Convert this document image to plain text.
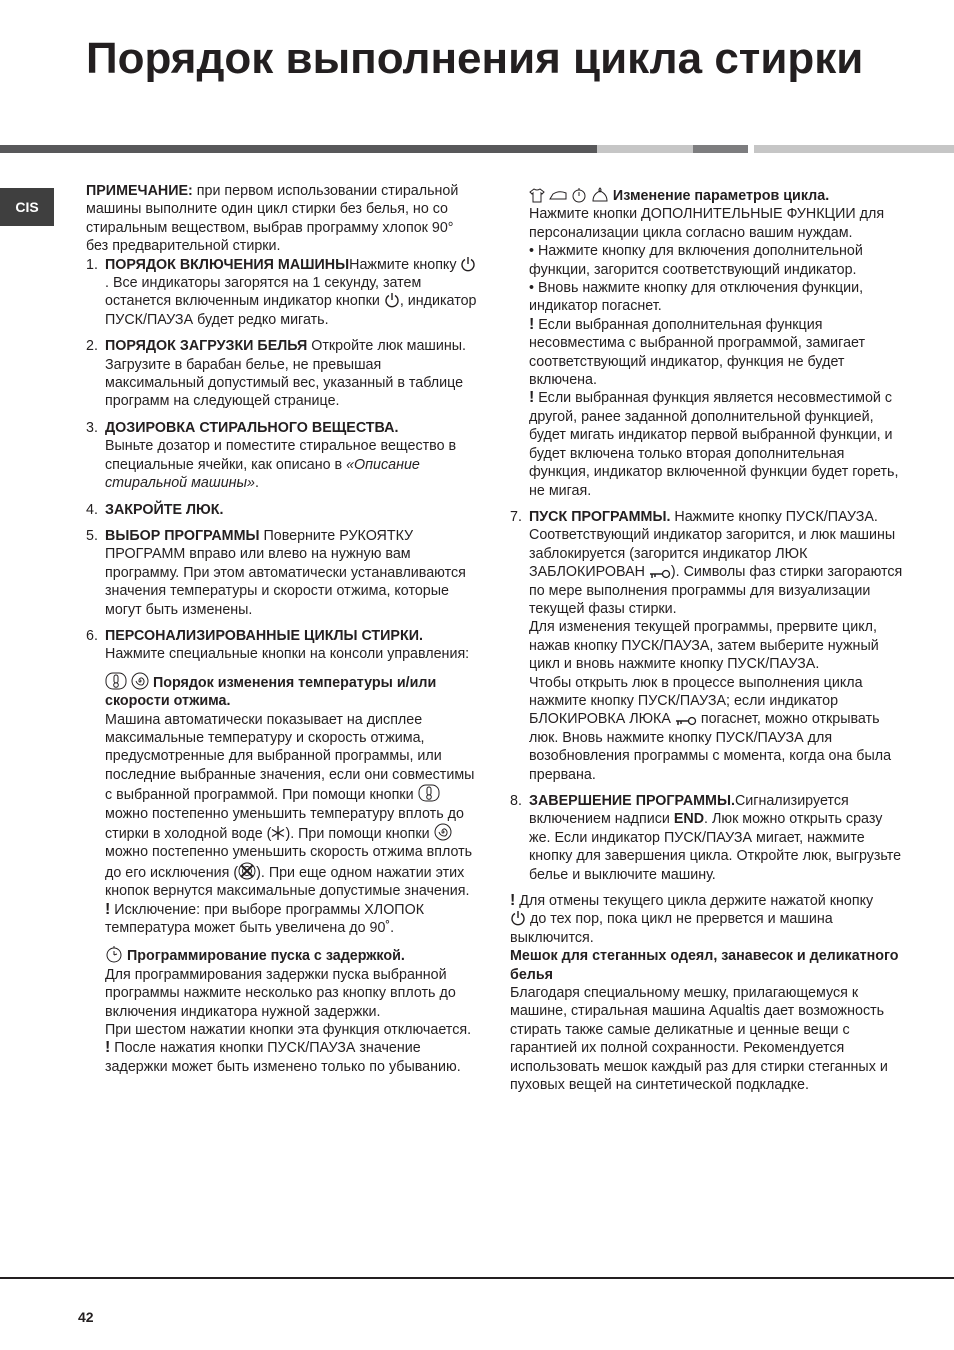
Порядок выполнения цикла стирки
CIS

ПРИМЕЧАНИЕ: при первом использовании стиральной машины выполните один цикл стирки без белья, но со стиральным веществом, выбрав программу хлопок 90° без предварительной стирки.

1. ПОРЯДОК ВКЛЮЧЕНИЯ МАШИНЫНажмите кнопку
. Все индикаторы загорятся на 1 секунду, затем останется включенным индикатор кнопки
, индикатор ПУСК/ПАУЗА будет редко мигать.
2. ПОРЯДОК ЗАГРУЗКИ БЕЛЬЯ Откройте люк машины. Загрузите в барабан белье, не превышая максимальный допустимый вес, указанный в таблице программ на следующей странице.
3. ДОЗИРОВКА СТИРАЛЬНОГО ВЕЩЕСТВА.

Выньте дозатор и поместите стиральное вещество в специальные ячейки, как описано в «Описание стиральной машины».
4. ЗАКРОЙТЕ ЛЮК.
5. ВЫБОР ПРОГРАММЫ Поверните РУКОЯТКУ ПРОГРАММ вправо или влево на нужную вам программу. При этом автоматически устанавливаются значения температуры и скорости отжима, которые могут быть изменены.
6. ПЕРСОНАЛИЗИРОВАННЫЕ ЦИКЛЫ СТИРКИ.

Нажмите специальные кнопки на консоли управления:

Порядок изменения температуры и/или скорости отжима.
Машина автоматически показывает на дисплее максимальные температуру и скорость отжима, предусмотренные для выбранной программы, или последние выбранные значения, если они совместимы с выбранной программой. При помощи кнопки
можно постепенно уменьшить температуру вплоть до стирки в холодной воде ( ). При помощи кнопки
можно постепенно уменьшить скорость отжима вплоть до его исключения ( ). При еще одном нажатии этих кнопок вернутся максимальные допустимые значения.
! Исключение: при выборе программы ХЛОПОК температура может быть увеличена до 90˚.

Программирование пуска с задержкой.
Для программирования задержки пуска выбранной программы нажмите несколько раз кнопку вплоть до включения индикатора нужной задержки.
При шестом нажатии кнопки эта функция отключается.
! После нажатия кнопки ПУСК/ПАУЗА значение задержки может быть изменено только по убыванию.

Изменение параметров цикла.
Нажмите кнопки ДОПОЛНИТЕЛЬНЫЕ ФУНКЦИИ для персонализации цикла согласно вашим нуждам.
• Нажмите кнопку для включения дополнительной функции, загорится соответствующий индикатор.
• Вновь нажмите кнопку для отключения функции, индикатор погаснет.
! Если выбранная дополнительная функция несовместима с выбранной программой, замигает соответствующий индикатор, функция не будет включена.
! Если выбранная функция является несовместимой с другой, ранее заданной дополнительной функцией, будет мигать индикатор первой выбранной функции, и будет включена только вторая дополнительная функция, индикатор включенной функции будет гореть, не мигая.

7. ПУСК ПРОГРАММЫ. Нажмите кнопку ПУСК/ПАУЗА. Соответствующий индикатор загорится, и люк машины заблокируется (загорится индикатор ЛЮК ЗАБЛОКИРОВАН
). Символы фаз стирки загораются по мере выполнения программы для визуализации текущей фазы стирки.
Для изменения текущей программы, прервите цикл, нажав кнопку ПУСК/ПАУЗА, затем выберите нужный цикл и вновь нажмите кнопку ПУСК/ПАУЗА.
Чтобы открыть люк в процессе выполнения цикла нажмите кнопку ПУСК/ПАУЗА; если индикатор БЛОКИРОВКА ЛЮКА
погаснет, можно открывать люк. Вновь нажмите кнопку ПУСК/ПАУЗА для возобновления программы с момента, когда она была прервана.
8. ЗАВЕРШЕНИЕ ПРОГРАММЫ.Сигнализируется включением надписи END. Люк можно открыть сразу же. Если индикатор ПУСК/ПАУЗА мигает, нажмите кнопку для завершения цикла. Откройте люк, выгрузьте белье и выключите машину.

! Для отмены текущего цикла держите нажатой кнопку

до тех пор, пока цикл не прервется и машина выключится.

Мешок для стеганных одеял, занавесок и деликатного белья

Благодаря специальному мешку, прилагающемуся к машине, стиральная машина Aqualtis дает возможность стирать также самые деликатные и ценные вещи с гарантией их полной сохранности. Рекомендуется использовать мешок каждый раз для стирки стеганных и пуховых вещей на синтетической подкладке.

42
